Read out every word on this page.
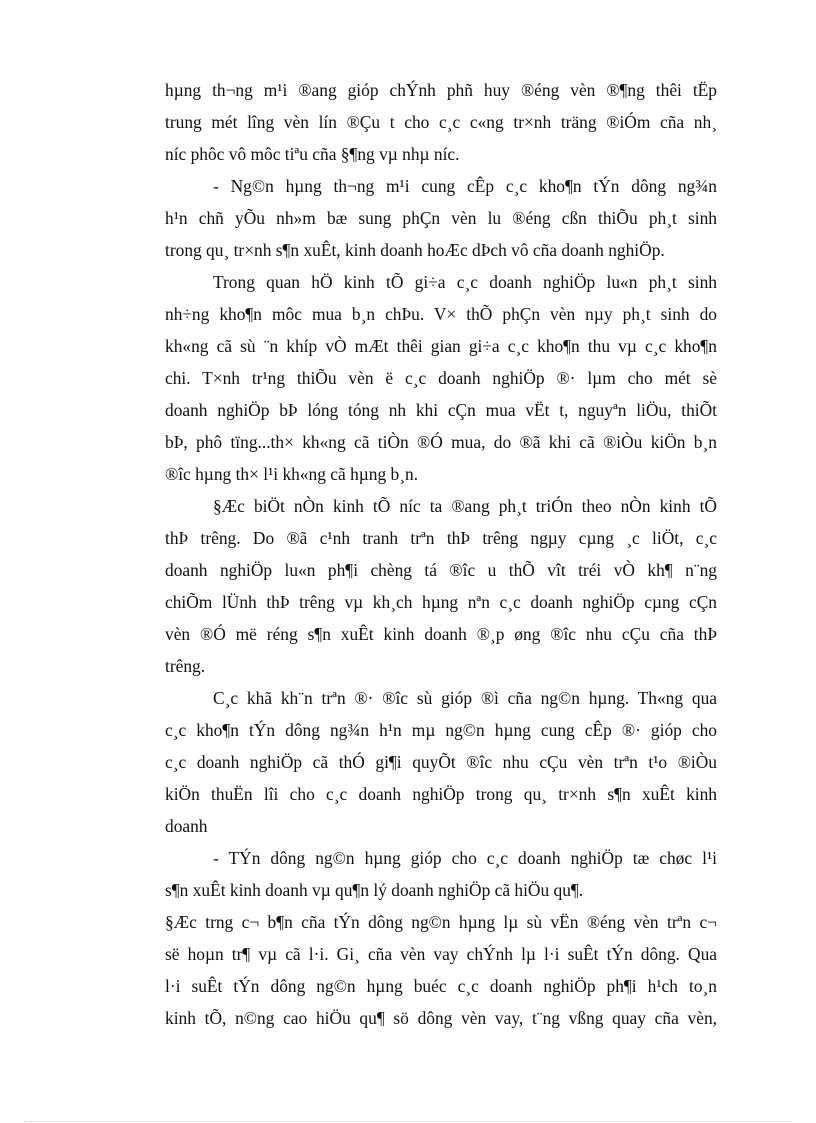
hµng th¬ng m¹i ®ang gióp chÝnh phñ huy ®éng vèn ®¶ng thêi tËp
trung mét lîng vèn lín ®Çu t cho c¸c c«ng tr×nh träng ®iÓm cña nh¸
níc phôc vô môc tiªu cña §¶ng vµ nhµ níc.

- Ng©n hµng th¬ng m¹i cung cÊp c¸c kho¶n tÝn dông ng¾n
h¹n chñ yÕu nh»m bæ sung phÇn vèn lu ®éng cßn thiÕu ph¸t sinh
trong qu¸ tr×nh s¶n xuÊt, kinh doanh hoÆc dÞch vô cña doanh nghiÖp.

Trong quan hÖ kinh tÕ gi÷a c¸c doanh nghiÖp lu«n ph¸t sinh
nh÷ng kho¶n môc mua b¸n chÞu. V× thÕ phÇn vèn nµy ph¸t sinh do
kh«ng cã sù ¨n khíp vÒ mÆt thêi gian gi÷a c¸c kho¶n thu vµ c¸c kho¶n
chi. T×nh tr¹ng thiÕu vèn ë c¸c doanh nghiÖp ®· lµm cho mét sè
doanh nghiÖp bÞ lóng tóng nh khi cÇn mua vËt t, nguyªn liÖu, thiÕt
bÞ, phô tïng...th× kh«ng cã tiÒn ®Ó mua, do ®ã khi cã ®iÒu kiÖn b¸n
®îc hµng th× l¹i kh«ng cã hµng b¸n.

§Æc biÖt nÒn kinh tÕ níc ta ®ang ph¸t triÓn theo nÒn kinh tÕ
thÞ trêng. Do ®ã c¹nh tranh trªn thÞ trêng ngµy cµng ¸c liÖt, c¸c
doanh nghiÖp lu«n ph¶i chèng tá ®îc u thÕ vît tréi vÒ kh¶ n¨ng
chiÕm lÜnh thÞ trêng vµ kh¸ch hµng nªn c¸c doanh nghiÖp cµng cÇn
vèn ®Ó më réng s¶n xuÊt kinh doanh ®¸p øng ®îc nhu cÇu cña thÞ
trêng.

C¸c khã kh¨n trªn ®· ®îc sù gióp ®ì cña ng©n hµng. Th«ng qua
c¸c kho¶n tÝn dông ng¾n h¹n mµ ng©n hµng cung cÊp ®· gióp cho
c¸c doanh nghiÖp cã thÓ gi¶i quyÕt ®îc nhu cÇu vèn trªn t¹o ®iÒu
kiÖn thuËn lîi cho c¸c doanh nghiÖp trong qu¸ tr×nh s¶n xuÊt kinh
doanh

- TÝn dông ng©n hµng gióp cho c¸c doanh nghiÖp tæ chøc l¹i
s¶n xuÊt kinh doanh vµ qu¶n lý doanh nghiÖp cã hiÖu qu¶.

§Æc trng c¬ b¶n cña tÝn dông ng©n hµng lµ sù vËn ®éng vèn trªn c¬
së hoµn tr¶ vµ cã l·i. Gi¸ cña vèn vay chÝnh lµ l·i suÊt tÝn dông. Qua
l·i suÊt tÝn dông ng©n hµng buéc c¸c doanh nghiÖp ph¶i h¹ch to¸n
kinh tÕ, n©ng cao hiÖu qu¶ sö dông vèn vay, t¨ng vßng quay cña vèn,
